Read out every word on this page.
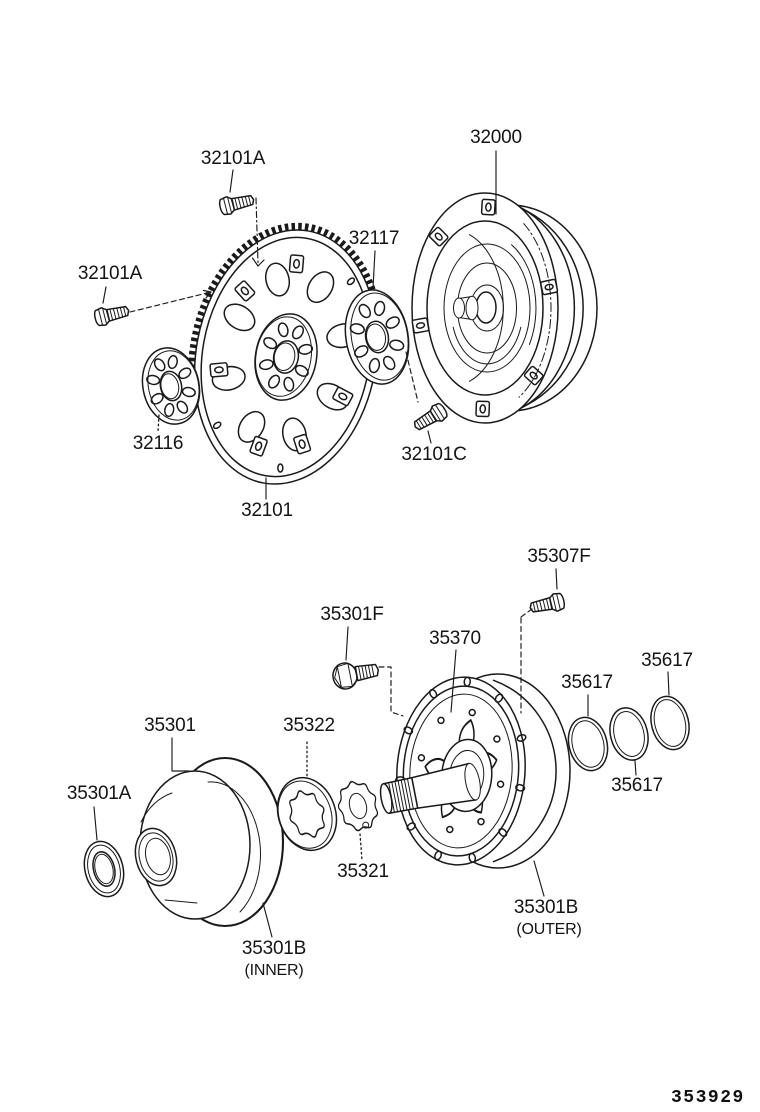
32101A
32101A
32117
32000
32116
32101
32101C
35307F
35301F
35370
35617
35617
35617
35301	35322
35301A
35321
35301B
(INNER)
35301B
(OUTER)
353929
